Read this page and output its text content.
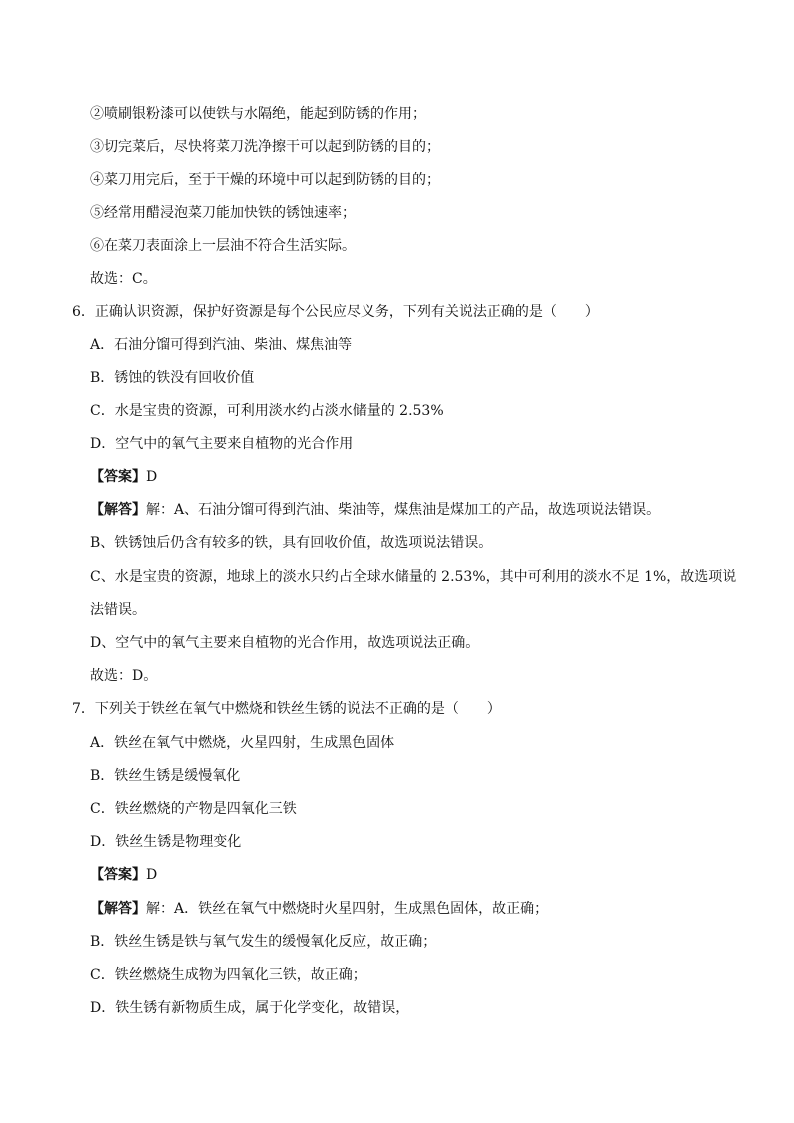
②喷刷银粉漆可以使铁与水隔绝，能起到防锈的作用；
③切完菜后，尽快将菜刀洗净擦干可以起到防锈的目的；
④菜刀用完后，至于干燥的环境中可以起到防锈的目的；
⑤经常用醋浸泡菜刀能加快铁的锈蚀速率；
⑥在菜刀表面涂上一层油不符合生活实际。
故选：C。
6．正确认识资源，保护好资源是每个公民应尽义务，下列有关说法正确的是（　　）
A．石油分馏可得到汽油、柴油、煤焦油等
B．锈蚀的铁没有回收价值
C．水是宝贵的资源，可利用淡水约占淡水储量的 2.53%
D．空气中的氧气主要来自植物的光合作用
【答案】D
【解答】解：A、石油分馏可得到汽油、柴油等，煤焦油是煤加工的产品，故选项说法错误。
B、铁锈蚀后仍含有较多的铁，具有回收价值，故选项说法错误。
C、水是宝贵的资源，地球上的淡水只约占全球水储量的 2.53%，其中可利用的淡水不足 1%，故选项说
法错误。
D、空气中的氧气主要来自植物的光合作用，故选项说法正确。
故选：D。
7．下列关于铁丝在氧气中燃烧和铁丝生锈的说法不正确的是（　　）
A．铁丝在氧气中燃烧，火星四射，生成黑色固体
B．铁丝生锈是缓慢氧化
C．铁丝燃烧的产物是四氧化三铁
D．铁丝生锈是物理变化
【答案】D
【解答】解：A．铁丝在氧气中燃烧时火星四射，生成黑色固体，故正确；
B．铁丝生锈是铁与氧气发生的缓慢氧化反应，故正确；
C．铁丝燃烧生成物为四氧化三铁，故正确；
D．铁生锈有新物质生成，属于化学变化，故错误，
